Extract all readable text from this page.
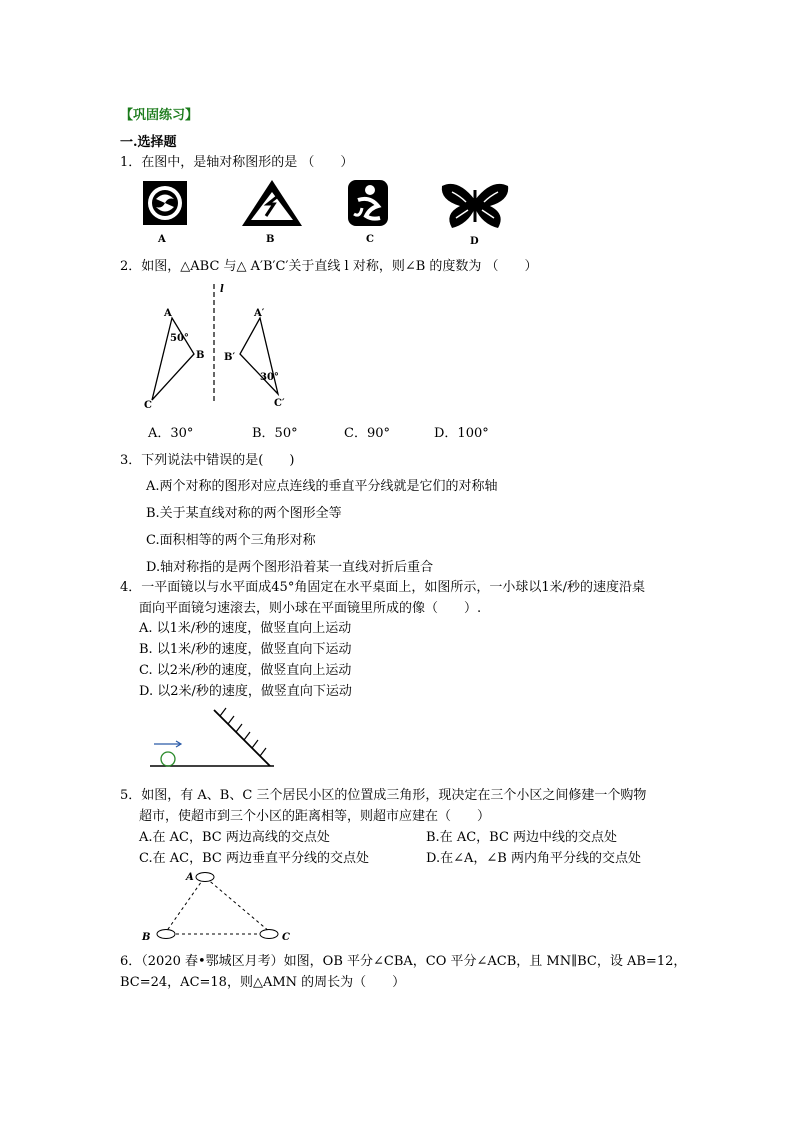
【巩固练习】
一.选择题
1．在图中，是轴对称图形的是 （　　）
A	B	C	D
2．如图，△ABC 与△ A′B′C′关于直线 l 对称，则∠B 的度数为 （　　）
l
A
B
C
50°
A′
B′
C′
30°
A．30°	B．50°	C．90°	D．100°
3．下列说法中错误的是(　　)
A.两个对称的图形对应点连线的垂直平分线就是它们的对称轴
B.关于某直线对称的两个图形全等
C.面积相等的两个三角形对称
D.轴对称指的是两个图形沿着某一直线对折后重合
4．一平面镜以与水平面成45°角固定在水平桌面上，如图所示，一小球以1米/秒的速度沿桌
面向平面镜匀速滚去，则小球在平面镜里所成的像（　　）.
A. 以1米/秒的速度，做竖直向上运动
B. 以1米/秒的速度，做竖直向下运动
C. 以2米/秒的速度，做竖直向上运动
D. 以2米/秒的速度，做竖直向下运动
5．如图，有 A、B、C 三个居民小区的位置成三角形，现决定在三个小区之间修建一个购物
超市，使超市到三个小区的距离相等，则超市应建在（　　）
A.在 AC，BC 两边高线的交点处	B.在 AC，BC 两边中线的交点处
C.在 AC，BC 两边垂直平分线的交点处	D.在∠A，∠B 两内角平分线的交点处
A
B	C
6．（2020 春•鄂城区月考）如图，OB 平分∠CBA，CO 平分∠ACB，且 MN∥BC，设 AB=12，
BC=24，AC=18，则△AMN 的周长为（　　）
